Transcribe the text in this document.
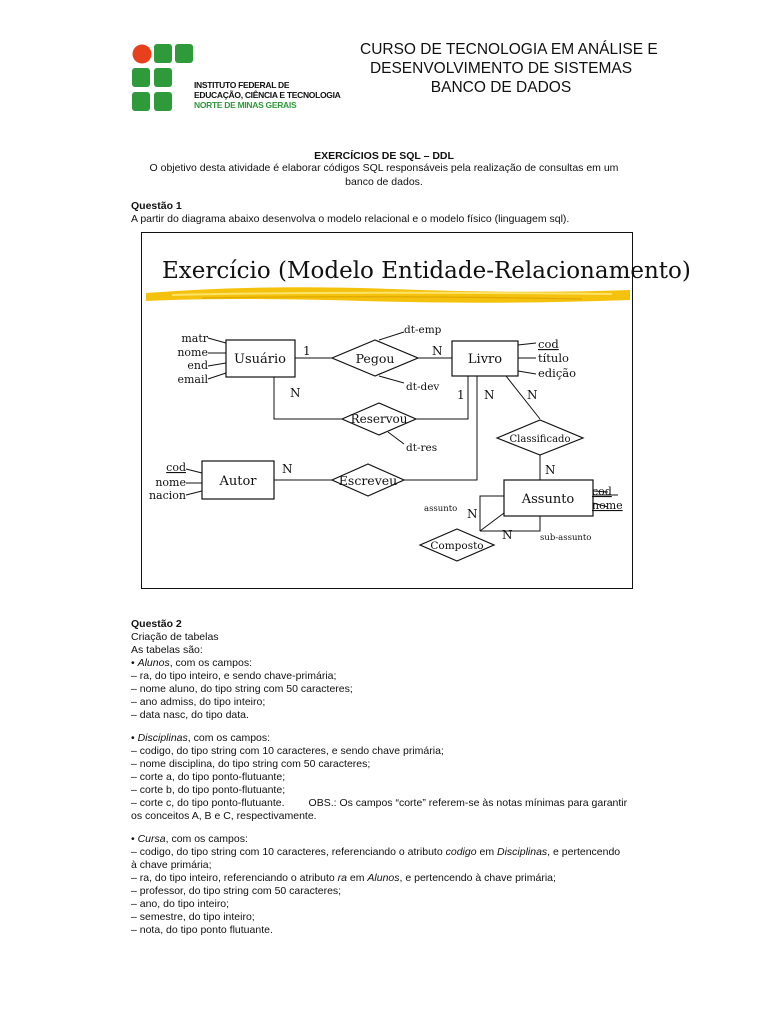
INSTITUTO FEDERAL DE
EDUCAÇÃO, CIÊNCIA E TECNOLOGIA
NORTE DE MINAS GERAIS
CURSO DE TECNOLOGIA EM ANÁLISE E
DESENVOLVIMENTO DE SISTEMAS
BANCO DE DADOS
EXERCÍCIOS DE SQL – DDL
O objetivo desta atividade é elaborar códigos SQL responsáveis pela realização de consultas em um
banco de dados.
Questão 1
A partir do diagrama abaixo desenvolva o modelo relacional e o modelo físico (linguagem sql).
Exercício (Modelo Entidade-Relacionamento)
Usuário	Livro
Autor
Assunto
Pegou
Reservou
Escreveu
Classificado
Composto
matr
nome
end
email
cod
título
edição
cod
nome
nacion	cod
nome
dt-emp
dt-dev
dt-res
assunto
sub-assunto
1	N
N	1 N	N
N
N
N
N
Questão 2
Criação de tabelas
As tabelas são:
• Alunos, com os campos:
– ra, do tipo inteiro, e sendo chave-primária;
– nome aluno, do tipo string com 50 caracteres;
– ano admiss, do tipo inteiro;
– data nasc, do tipo data.
• Disciplinas, com os campos:
– codigo, do tipo string com 10 caracteres, e sendo chave primária;
– nome disciplina, do tipo string com 50 caracteres;
– corte a, do tipo ponto-flutuante;
– corte b, do tipo ponto-flutuante;
– corte c, do tipo ponto-flutuante. OBS.: Os campos “corte” referem-se às notas mínimas para garantir
os conceitos A, B e C, respectivamente.
• Cursa, com os campos:
– codigo, do tipo string com 10 caracteres, referenciando o atributo codigo em Disciplinas, e pertencendo
à chave primária;
– ra, do tipo inteiro, referenciando o atributo ra em Alunos, e pertencendo à chave primária;
– professor, do tipo string com 50 caracteres;
– ano, do tipo inteiro;
– semestre, do tipo inteiro;
– nota, do tipo ponto flutuante.
